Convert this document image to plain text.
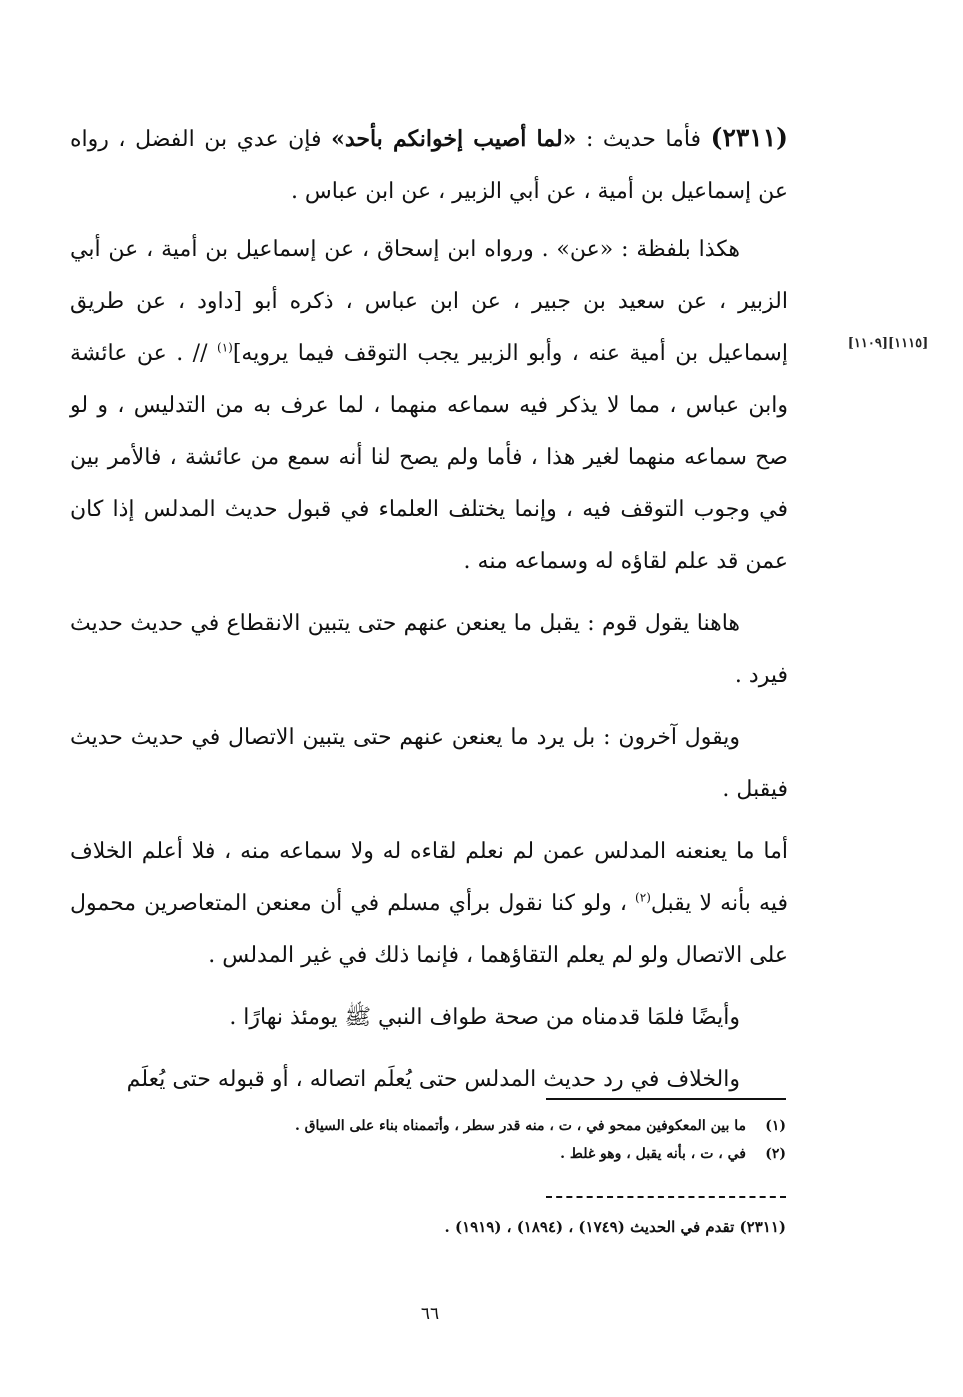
[١١١٥][١١٠٩]

(٢٣١١) فأما حديث : «لما أصيب إخوانكم بأحد» فإن عدي بن الفضل ، رواه عن إسماعيل بن أمية ، عن أبي الزبير ، عن ابن عباس .

هكذا بلفظة : «عن» . ورواه ابن إسحاق ، عن إسماعيل بن أمية ، عن أبي الزبير ، عن سعيد بن جبير ، عن ابن عباس ، ذكره أبو [داود ، عن طريق إسماعيل بن أمية عنه ، وأبو الزبير يجب التوقف فيما يرويه]$^{(١)}$ // . عن عائشة وابن عباس ، مما لا يذكر فيه سماعه منهما ، لما عرف به من التدليس ، و لو صح سماعه منهما لغير هذا ، فأما ولم يصح لنا أنه سمع من عائشة ، فالأمر بين في وجوب التوقف فيه ، وإنما يختلف العلماء في قبول حديث المدلس إذا كان عمن قد علم لقاؤه له وسماعه منه .

هاهنا يقول قوم : يقبل ما يعنعن عنهم حتى يتبين الانقطاع في حديث حديث فيرد .

ويقول آخرون : بل يرد ما يعنعن عنهم حتى يتبين الاتصال في حديث حديث فيقبل .

أما ما يعنعنه المدلس عمن لم نعلم لقاءه له ولا سماعه منه ، فلا أعلم الخلاف فيه بأنه لا يقبل$^{(٢)}$ ، ولو كنا نقول برأي مسلم في أن معنعن المتعاصرين محمول على الاتصال ولو لم يعلم التقاؤهما ، فإنما ذلك في غير المدلس .

وأيضًا فلمَا قدمناه من صحة طواف النبي ﷺ يومئذ نهارًا .

والخلاف في رد حديث المدلس حتى يُعلَم اتصاله ، أو قبوله حتى يُعلَم

(١)
ما بين المعكوفين ممحو في ، ت ، منه قدر سطر ، وأتممناه بناء على السياق .
(٢)
في ، ت ، بأنه يقبل ، وهو غلط .
(٢٣١١) تقدم في الحديث (١٧٤٩) ، (١٨٩٤) ، (١٩١٩) .
٦٦
